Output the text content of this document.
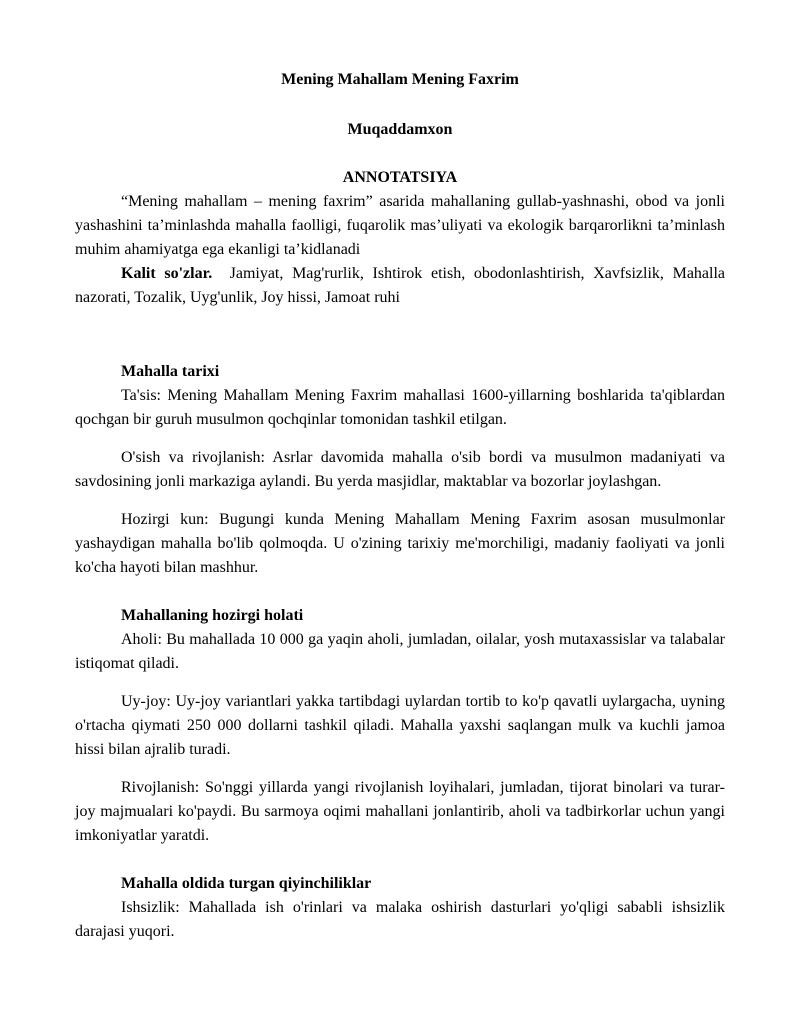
Mening Mahallam Mening Faxrim
Muqaddamxon
ANNOTATSIYA

“Mening mahallam – mening faxrim” asarida mahallaning gullab-yashnashi, obod va jonli yashashini ta’minlashda mahalla faolligi, fuqarolik mas’uliyati va ekologik barqarorlikni ta’minlash muhim ahamiyatga ega ekanligi ta’kidlanadi

Kalit so'zlar. Jamiyat, Mag'rurlik, Ishtirok etish, obodonlashtirish, Xavfsizlik, Mahalla nazorati, Tozalik, Uyg'unlik, Joy hissi, Jamoat ruhi

Mahalla tarixi

Ta'sis: Mening Mahallam Mening Faxrim mahallasi 1600-yillarning boshlarida ta'qiblardan qochgan bir guruh musulmon qochqinlar tomonidan tashkil etilgan.

O'sish va rivojlanish: Asrlar davomida mahalla o'sib bordi va musulmon madaniyati va savdosining jonli markaziga aylandi. Bu yerda masjidlar, maktablar va bozorlar joylashgan.

Hozirgi kun: Bugungi kunda Mening Mahallam Mening Faxrim asosan musulmonlar yashaydigan mahalla bo'lib qolmoqda. U o'zining tarixiy me'morchiligi, madaniy faoliyati va jonli ko'cha hayoti bilan mashhur.

Mahallaning hozirgi holati

Aholi: Bu mahallada 10 000 ga yaqin aholi, jumladan, oilalar, yosh mutaxassislar va talabalar istiqomat qiladi.

Uy-joy: Uy-joy variantlari yakka tartibdagi uylardan tortib to ko'p qavatli uylargacha, uyning o'rtacha qiymati 250 000 dollarni tashkil qiladi. Mahalla yaxshi saqlangan mulk va kuchli jamoa hissi bilan ajralib turadi.

Rivojlanish: So'nggi yillarda yangi rivojlanish loyihalari, jumladan, tijorat binolari va turar-joy majmualari ko'paydi. Bu sarmoya oqimi mahallani jonlantirib, aholi va tadbirkorlar uchun yangi imkoniyatlar yaratdi.

Mahalla oldida turgan qiyinchiliklar

Ishsizlik: Mahallada ish o'rinlari va malaka oshirish dasturlari yo'qligi sababli ishsizlik darajasi yuqori.
